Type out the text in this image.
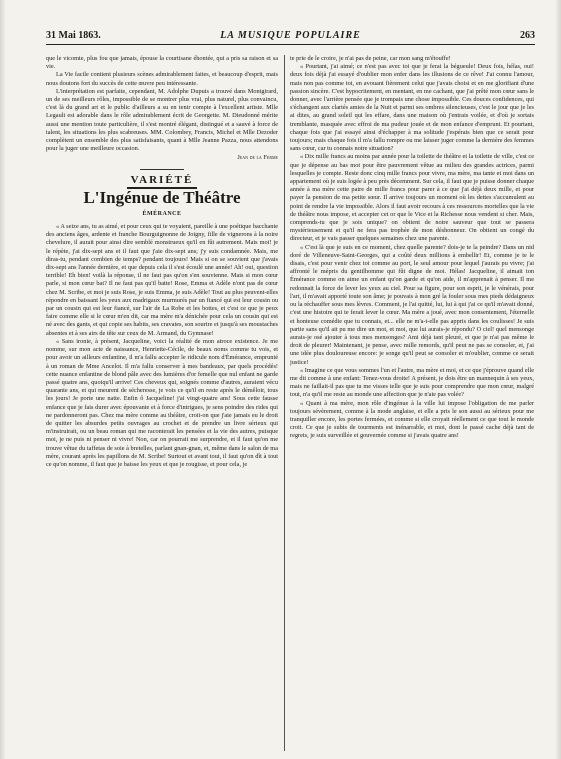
31 Mai 1863.	LA MUSIQUE POPULAIRE	263

que le vicomte, plus fou que jamais, épouse la courtisane éhontée, qui a pris sa raison et sa vie.

La Vie facile contient plusieurs scènes admirablement faites, et beaucoup d'esprit, mais nous doutons fort du succès de cette œuvre peu intéressante.

L'interprétation est parfaite, cependant, M. Adolphe Dupuis a trouvé dans Montgirard, un de ses meilleurs rôles, impossible de se montrer plus vrai, plus naturel, plus convaincu, c'est là du grand art et le public d'ailleurs a su en tenir compte à l'excellent artiste. Mlle Legault est adorable dans le rôle admirablement écrit de Georgette. M. Dieudonné mérite aussi une mention toute particulière, il s'est montré élégant, distingué et a sauvé à force de talent, les situations les plus scabreuses. MM. Colombey, Francis, Michel et Mlle Dezoder complètent un ensemble des plus satisfaisants, quant à Mlle Jeanne Pazza, nous attendons pour la juger une meilleure occasion.

Jean de la Ferme
VARIÉTÉ
L'Ingénue de Théâtre
ÉMÉRANCE

« A seize ans, tu as aimé, et pour ceux qui te voyaient, pareille à une poétique bacchante des anciens âges, ardente et franche Bourguignonne de Joigny, fille de vignerons à la noire chevelure, il aurait pour ainsi dire semblé monstrueux qu'il en fût autrement. Mais moi! je le répète, j'ai dix-sept ans et il faut que j'aie dix-sept ans; j'y suis condamnée. Mais, me diras-tu, pendant combien de temps? pendant toujours! Mais si on se souvient que j'avais dix-sept ans l'année dernière, et que depuis cela il s'est écoulé une année! Ah! oui, question terrible! Eh bien! voilà la réponse, il ne faut pas qu'on s'en souvienne. Mais si mon cœur parle, si mon cœur bat? Il ne faut pas qu'il batte! Rose, Emma et Adèle n'ont pas de cœur chez M. Scribe, et moi je suis Rose, je suis Emma, je suis Adèle! Tout au plus peuvent-elles répondre en baissant les yeux aux madrigaux murmurés par un fiancé qui est leur cousin ou par un cousin qui est leur fiancé, sur l'air de La Robe et les bottes, et c'est ce que je peux faire comme elle si le cœur m'en dit, car ma mère m'a dénichée pour cela un cousin qui est né avec des gants, et qui copie ses habits, ses cravates, son sourire et jusqu'à ses moustaches absentes et à ses airs de tête sur ceux de M. Armand, du Gymnase!

« Sans ironie, à présent, Jacqueline, voici la réalité de mon atroce existence. Je me nomme, sur mon acte de naissance, Henriette-Cécile, de beaux noms comme tu vois, et pour avoir un ailleurs enfantine, il m'a fallu accepter le ridicule nom d'Émérance, emprunté à un roman de Mme Ancelot. Il m'a fallu conserver à mes bandeaux, par quels procédés! cette nuance enfantine de blond pâle avec des lumières d'or femelle que nul enfant ne garde passé quatre ans, quoiqu'il arrive! Ces cheveux qui, soignés comme d'autres, auraient vécu quarante ans, et qui meurent de sécheresse, je vois ce qu'il en reste après le démêloir, tous les jours! Je porte une natte. Enfin ô Jacqueline! j'ai vingt-quatre ans! Sous cette fausse enfance que je fais durer avec épouvante et à force d'intrigues, je sens poindre des rides qui ne pardonneront pas. Chez ma mère comme au théâtre, croit-on que j'aie jamais eu le droit de quitter les absurdes petits ouvrages au crochet et de prendre un livre sérieux qui m'instruirait, ou un beau roman qui me raconterait les pensées et la vie des autres, puisque moi, je ne puis ni penser ni vivre! Non, car on pourrait me surprendre, et il faut qu'on me trouve vêtue du taffetas de soie à bretelles, parlant gnan-gnan, et, même dans le salon de ma mère, courant après les papillons de M. Scribe! Surtout et avant tout, il faut qu'on dît à tout ce qu'on nomme, il faut que je baisse les yeux et que je rougisse, et pour cela, je

te prie de le croire, je n'ai pas de peine, car mon sang m'étouffe!

« Pourtant, j'ai aimé; ce n'est pas avec toi que je ferai la bégueule! Deux fois, hélas, oui! deux fois déjà j'ai essayé d'oublier mon enfer dans les illusions de ce rêve! J'ai connu l'amour, mais non pas comme toi, en avouant fièrement celui que j'avais choisi et en me glorifiant d'une passion sincère. C'est hypocritement, en mentant, en me cachant, que j'ai prêté mon cœur sans le donner, avec l'arrière pensée que je trompais une chose impossible. Ces douces confidences, qui s'échangent aux clartés amies de la Nuit et parmi ses ombres silencieuses, c'est le jour que je les ai dites, au grand soleil qui les effare, dans une maison où j'entrais voilée, et d'où je sortais tremblante, masquée avec effroi de ma pudeur jouée et de mon enfance d'emprunt. Et pourtant, chaque fois que j'ai essayé ainsi d'échapper à ma solitude j'espérais bien que ce serait pour toujours; mais chaque fois il m'a fallu rompre ou me laisser juger comme la dernière des femmes sans cœur, car tu connais notre situation?

« Dix mille francs au moins par année pour la toilette de théâtre et la toilette de ville, c'est ce que je dépense au bas mot pour être pauvrement vêtue au milieu des grandes actrices, parmi lesquelles je compte. Reste donc cinq mille francs pour vivre, ma mère, ma tante et moi dans un appartement où je suis logée à peu près décemment. Sur cela, il faut que je puisse donner chaque année à ma mère cette paire de mille francs pour parer à ce que j'ai déjà deux mille, et pour payer la pension de ma petite sœur. Il arrive toujours un moment où les dettes s'accumulent au point de rendre la vie impossible. Alors il faut avoir recours à ces ressources mortelles que la vie de théâtre nous impose, et accepter cet or que le Vice et la Richesse nous vendent si cher. Mais, comprends-tu que je sois unique? on obtient de notre sauveur que tout se passera mystérieusement et qu'il ne fera pas trophée de mon déshonneur. On obtient un congé du directeur, et je vais passer quelques semaines chez une parente.

« C'est là que je suis en ce moment, chez quelle parente? dois-je te la peindre? Dans un nid doré de Villeneuve-Saint-Georges, qui a coûté deux millions à embellir! Et, comme je te le disais, c'est pour venir chez toi comme au port, le seul amour pour lequel j'aurais pu vivre; j'ai affronté le mépris du gentilhomme qui fût digne de moi. Hélas! Jacqueline, il aimait ton Émérance comme on aime un enfant qu'on garde et qu'on aide, il m'apprenait à penser. Il me redonnait la force de lever les yeux au ciel. Pour sa figure, pour son esprit, je le vénérais, pour l'art, il m'avait apporté toute son âme; je pouvais à mon gré la fouler sous mes pieds dédaigneux ou la réchauffer sous mes lèvres. Comment, je l'ai quitté, lui, lui à qui j'ai ce qu'il m'avait donné, c'est une histoire qui te ferait lever le cœur. Ma mère a joué, avec mon consentement, l'éternelle et honteuse comédie que tu connais, et... elle ne m'a-t-elle pas appris dans les coulisses! Je suis partie sans qu'il ait pu me dire un mot, et moi, que lui aurais-je répondu? O ciel! quel mensonge aurais-je osé ajouter à tous mes mensonges? Ami déjà tant pleuré, et que je n'ai pas même le droit de pleurer! Maintenant, je pense, avec mille remords, qu'il peut ne pas se consoler, et, j'ai une idée plus douloureuse encore: je songe qu'il peut se consoler et m'oublier, comme ce serait justice!

« Imagine ce que vous sommes l'un et l'autre, ma mère et moi, et ce que j'éprouve quand elle me dit comme à une enfant: Tenez-vous droite! A présent, je dois être un mannequin à ses yeux, mais ne faillait-il pas que tu me visses telle que je suis pour comprendre que mon cœur, malgré tout, n'a qu'il me reste au monde une affection que je n'aie pas volée?

« Quant à ma mère, mon rôle d'ingénue à la ville lui impose l'obligation de me parler toujours sévèrement, comme à la mode anglaise, et elle a pris le son aussi au sérieux pour me tranquiller encore, les portes fermées, et comme si elle croyait réellement ce que tout le monde croit. Ce que je subis de tourments est inénarrable, et moi, dont le passé cache déjà tant de regrets, je suis surveillée et gouvernée comme si j'avais quatre ans!
